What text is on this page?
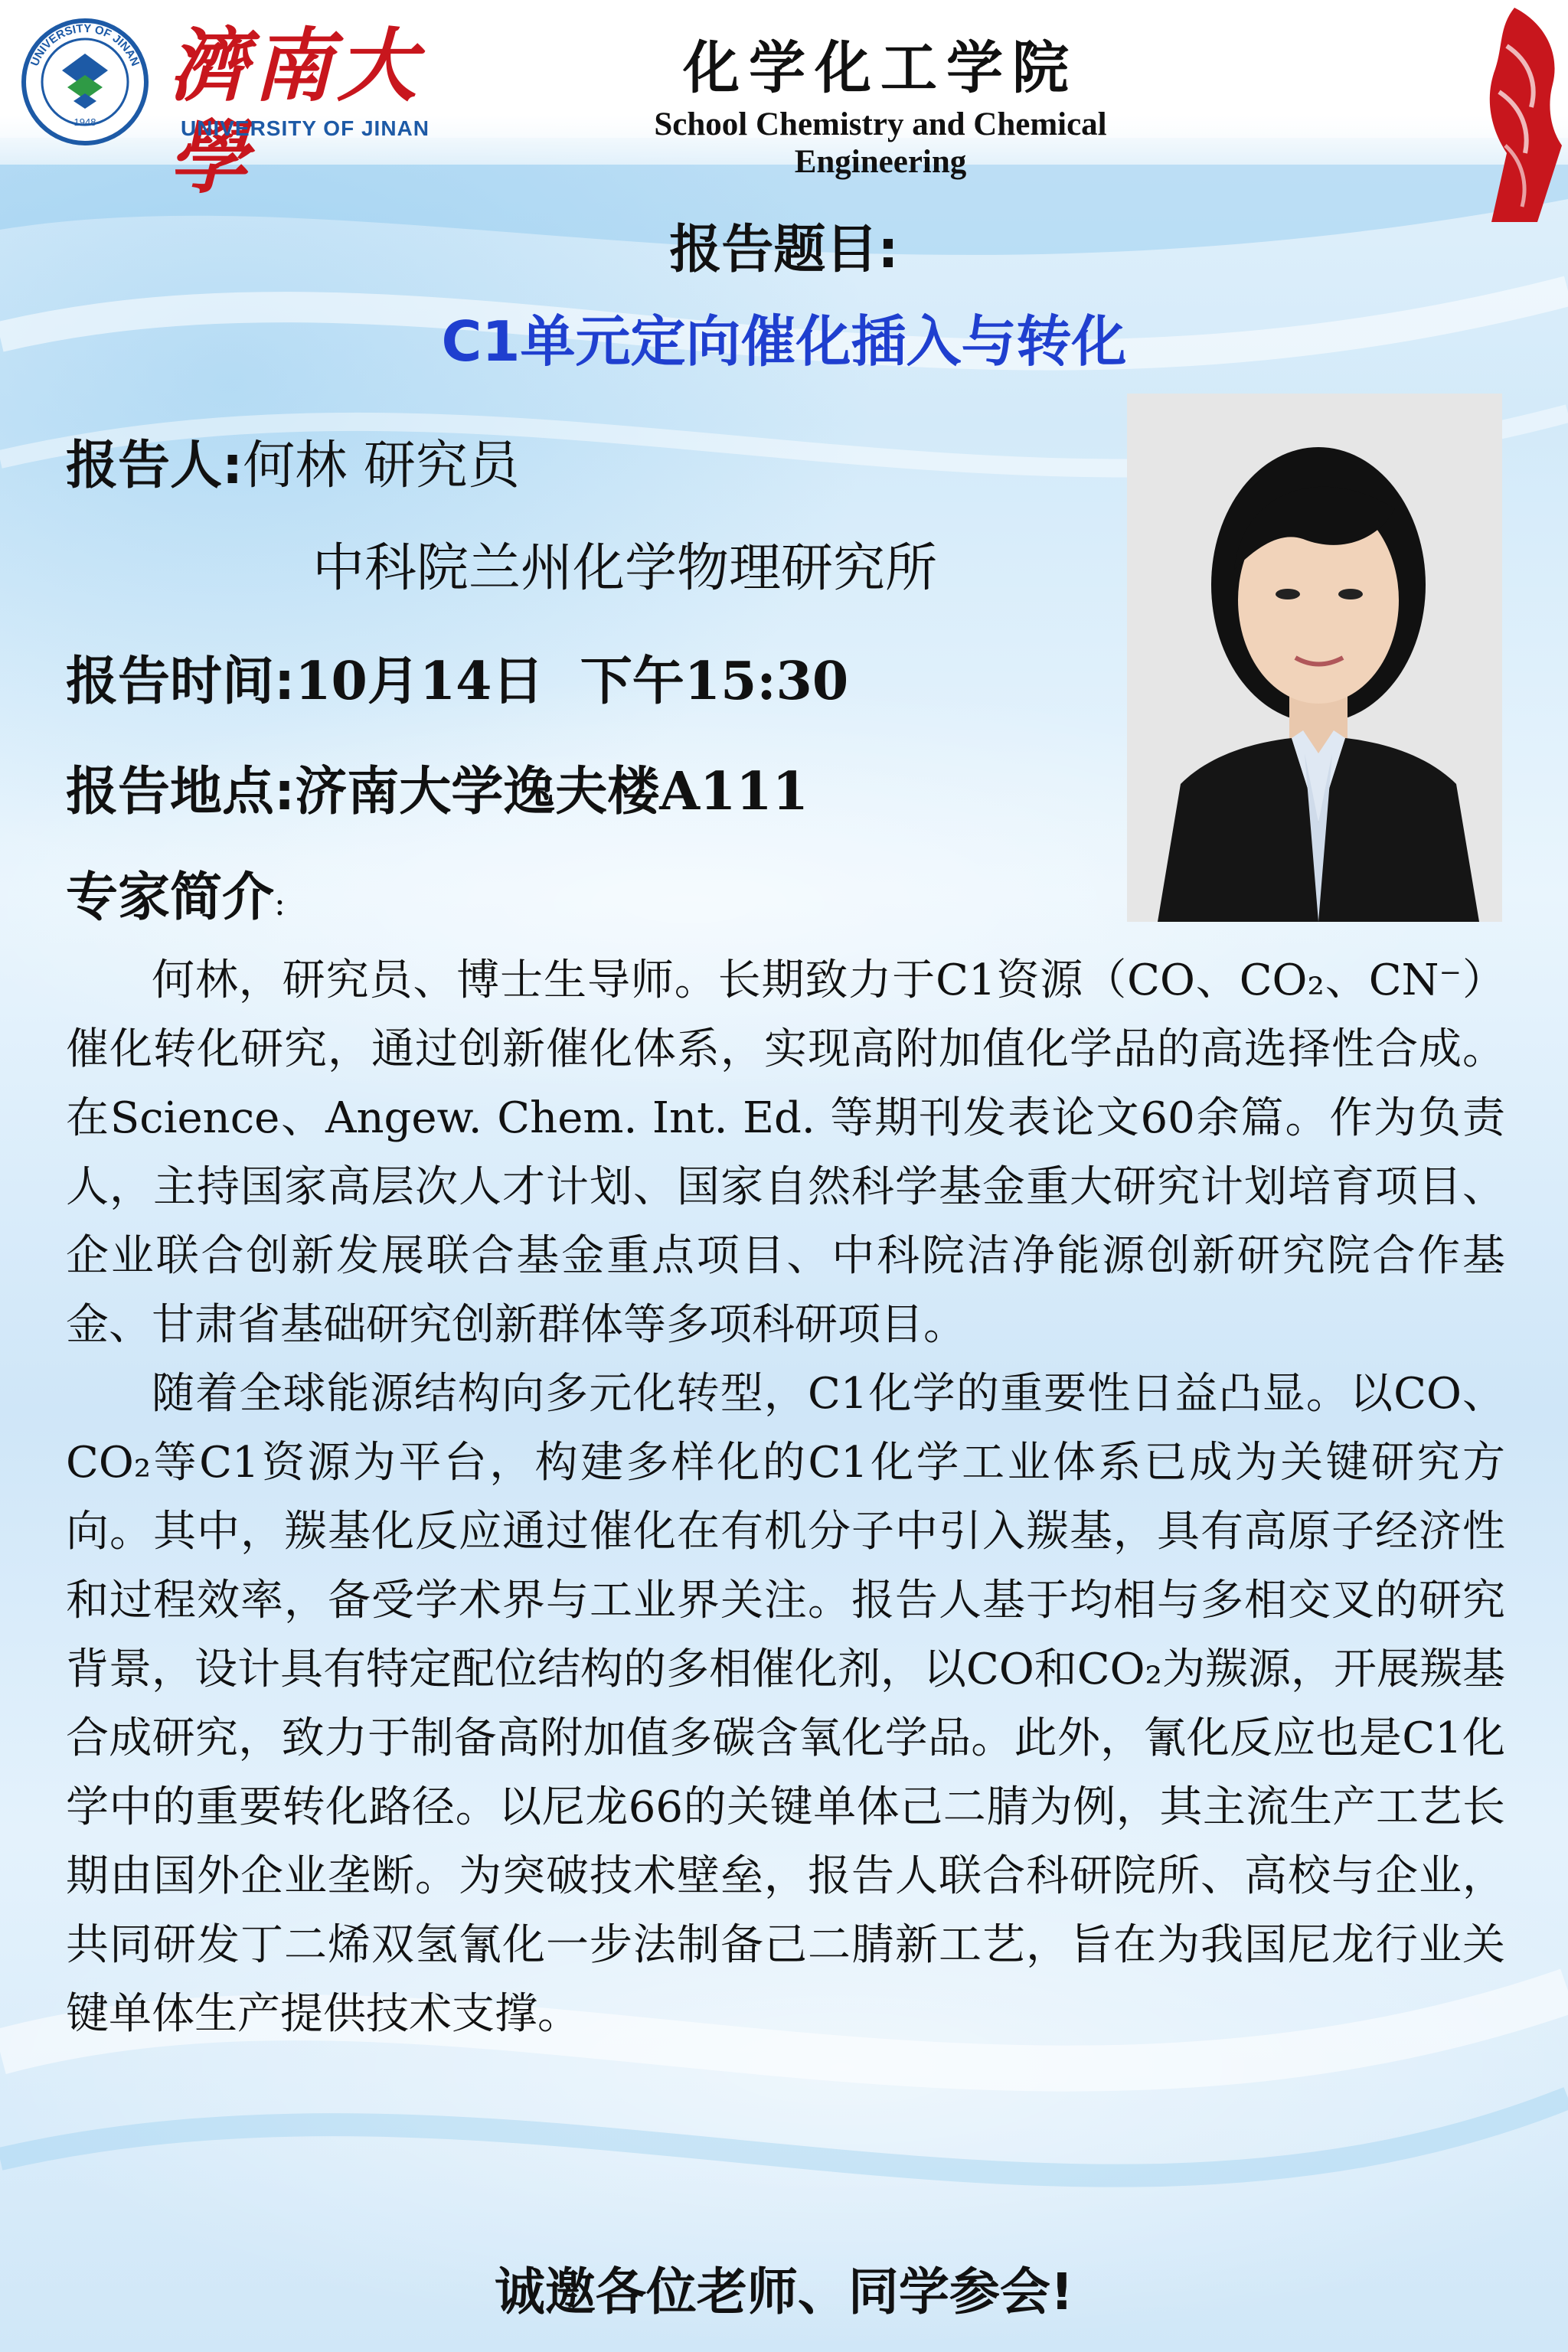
UNIVERSITY OF JINAN
1948
濟南大學
UNIVERSITY OF JINAN
化学化工学院
School Chemistry and Chemical Engineering
报告题目:
C1单元定向催化插入与转化
报告人:何林 研究员
中科院兰州化学物理研究所
报告时间:10月14日  下午15:30
报告地点:济南大学逸夫楼A111
专家简介:

何林，研究员、博士生导师。长期致力于C1资源（CO、CO₂、CN⁻）催化转化研究，通过创新催化体系，实现高附加值化学品的高选择性合成。在Science、Angew. Chem. Int. Ed. 等期刊发表论文60余篇。作为负责人，主持国家高层次人才计划、国家自然科学基金重大研究计划培育项目、企业联合创新发展联合基金重点项目、中科院洁净能源创新研究院合作基金、甘肃省基础研究创新群体等多项科研项目。

随着全球能源结构向多元化转型，C1化学的重要性日益凸显。以CO、CO₂等C1资源为平台，构建多样化的C1化学工业体系已成为关键研究方向。其中，羰基化反应通过催化在有机分子中引入羰基，具有高原子经济性和过程效率，备受学术界与工业界关注。报告人基于均相与多相交叉的研究背景，设计具有特定配位结构的多相催化剂，以CO和CO₂为羰源，开展羰基合成研究，致力于制备高附加值多碳含氧化学品。此外，氰化反应也是C1化学中的重要转化路径。以尼龙66的关键单体己二腈为例，其主流生产工艺长期由国外企业垄断。为突破技术壁垒，报告人联合科研院所、高校与企业，共同研发丁二烯双氢氰化一步法制备己二腈新工艺，旨在为我国尼龙行业关键单体生产提供技术支撑。

诚邀各位老师、同学参会!
